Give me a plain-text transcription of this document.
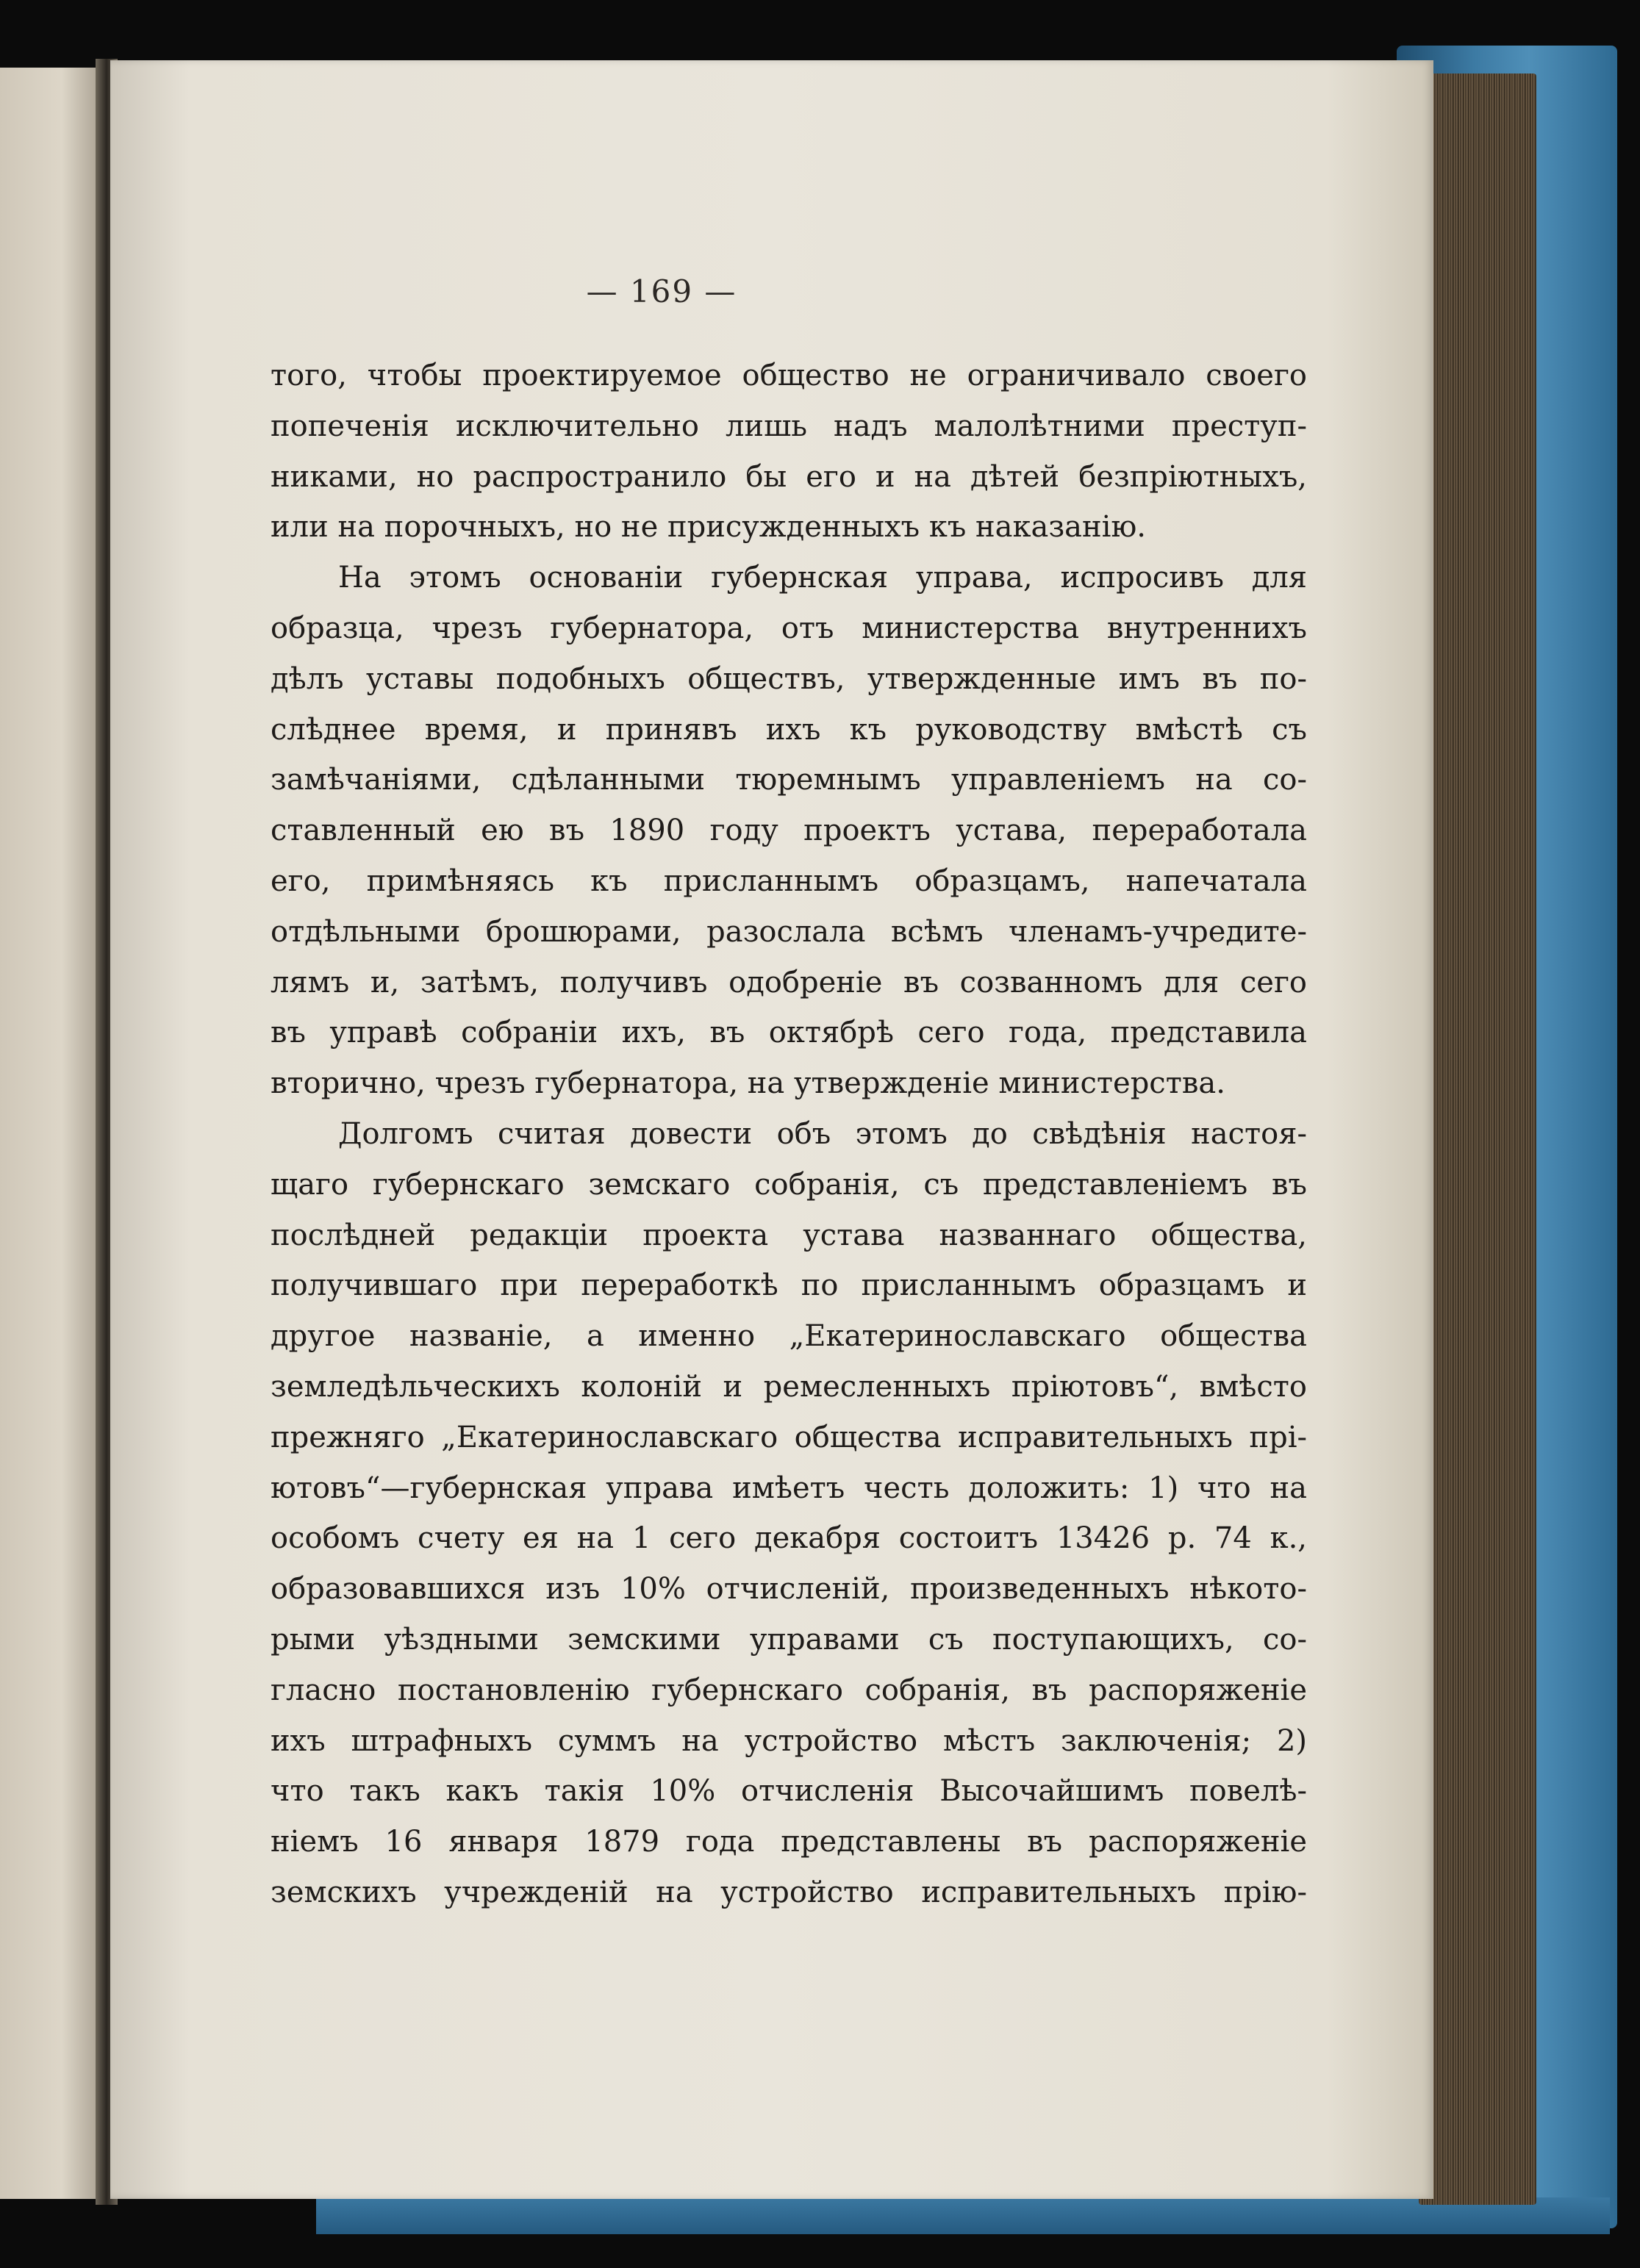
— 169 —
того, чтобы проектируемое общество не ограничивало своего
попеченія исключительно лишь надъ малолѣтними преступ-
никами, но распространило бы его и на дѣтей безпріютныхъ,
или на порочныхъ, но не присужденныхъ къ наказанію.
На этомъ основаніи губернская управа, испросивъ для
образца, чрезъ губернатора, отъ министерства внутреннихъ
дѣлъ уставы подобныхъ обществъ, утвержденные имъ въ по-
слѣднее время, и принявъ ихъ къ руководству вмѣстѣ съ
замѣчаніями, сдѣланными тюремнымъ управленіемъ на со-
ставленный ею въ 1890 году проектъ устава, переработала
его, примѣняясь къ присланнымъ образцамъ, напечатала
отдѣльными брошюрами, разослала всѣмъ членамъ-учредите-
лямъ и, затѣмъ, получивъ одобреніе въ созванномъ для сего
въ управѣ собраніи ихъ, въ октябрѣ сего года, представила
вторично, чрезъ губернатора, на утвержденіе министерства.
Долгомъ считая довести объ этомъ до свѣдѣнія настоя-
щаго губернскаго земскаго собранія, съ представленіемъ въ
послѣдней редакціи проекта устава названнаго общества,
получившаго при переработкѣ по присланнымъ образцамъ и
другое названіе, а именно „Екатеринославскаго общества
земледѣльческихъ колоній и ремесленныхъ пріютовъ“, вмѣсто
прежняго „Екатеринославскаго общества исправительныхъ прі-
ютовъ“—губернская управа имѣетъ честь доложить: 1) что на
особомъ счету ея на 1 сего декабря состоитъ 13426 р. 74 к.,
образовавшихся изъ 10% отчисленій, произведенныхъ нѣкото-
рыми уѣздными земскими управами съ поступающихъ, со-
гласно постановленію губернскаго собранія, въ распоряженіе
ихъ штрафныхъ суммъ на устройство мѣстъ заключенія; 2)
что такъ какъ такія 10% отчисленія Высочайшимъ повелѣ-
ніемъ 16 января 1879 года представлены въ распоряженіе
земскихъ учрежденій на устройство исправительныхъ прію-
